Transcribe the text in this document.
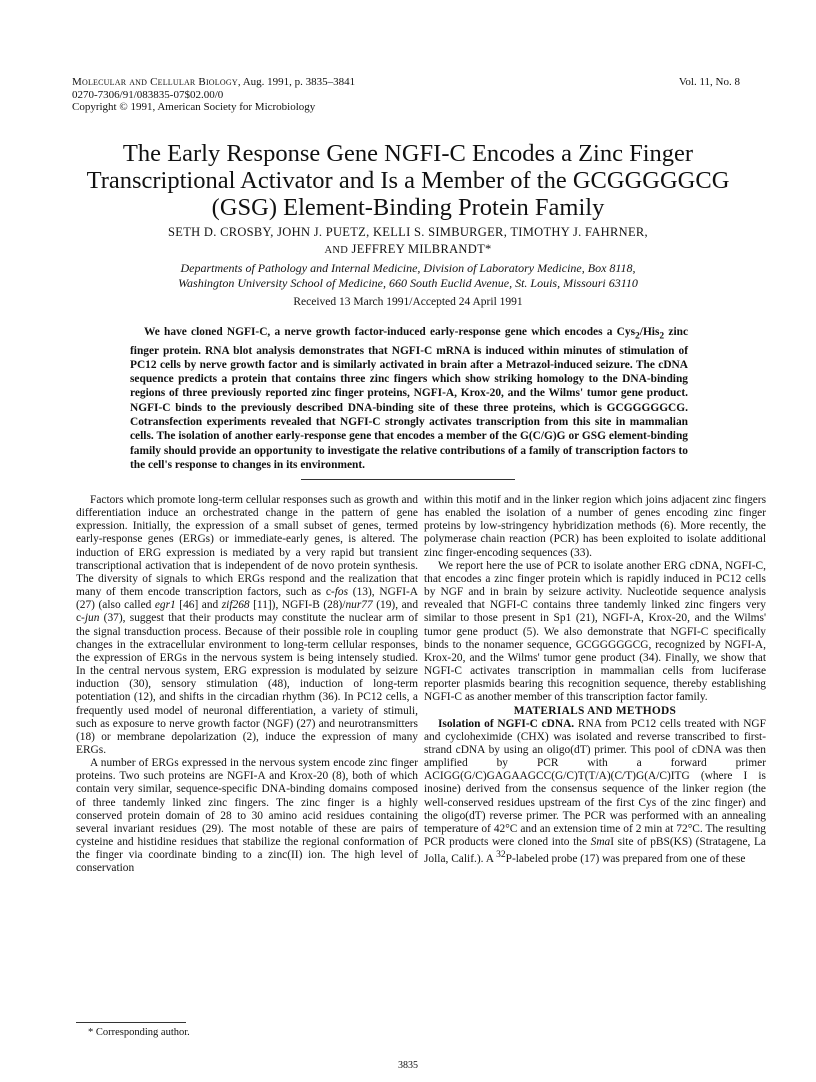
Molecular and Cellular Biology, Aug. 1991, p. 3835–3841
0270-7306/91/083835-07$02.00/0
Copyright © 1991, American Society for Microbiology
Vol. 11, No. 8
The Early Response Gene NGFI-C Encodes a Zinc Finger Transcriptional Activator and Is a Member of the GCGGGGGCG (GSG) Element-Binding Protein Family
SETH D. CROSBY, JOHN J. PUETZ, KELLI S. SIMBURGER, TIMOTHY J. FAHRNER,
AND JEFFREY MILBRANDT*
Departments of Pathology and Internal Medicine, Division of Laboratory Medicine, Box 8118,
Washington University School of Medicine, 660 South Euclid Avenue, St. Louis, Missouri 63110
Received 13 March 1991/Accepted 24 April 1991

We have cloned NGFI-C, a nerve growth factor-induced early-response gene which encodes a Cys$_2$/His$_2$ zinc finger protein. RNA blot analysis demonstrates that NGFI-C mRNA is induced within minutes of stimulation of PC12 cells by nerve growth factor and is similarly activated in brain after a Metrazol-induced seizure. The cDNA sequence predicts a protein that contains three zinc fingers which show striking homology to the DNA-binding regions of three previously reported zinc finger proteins, NGFI-A, Krox-20, and the Wilms' tumor gene product. NGFI-C binds to the previously described DNA-binding site of these three proteins, which is GCGGGGGCG. Cotransfection experiments revealed that NGFI-C strongly activates transcription from this site in mammalian cells. The isolation of another early-response gene that encodes a member of the G(C/G)G or GSG element-binding family should provide an opportunity to investigate the relative contributions of a family of transcription factors to the cell's response to changes in its environment.

Factors which promote long-term cellular responses such as growth and differentiation induce an orchestrated change in the pattern of gene expression. Initially, the expression of a small subset of genes, termed early-response genes (ERGs) or immediate-early genes, is altered. The induction of ERG expression is mediated by a very rapid but transient transcriptional activation that is independent of de novo protein synthesis. The diversity of signals to which ERGs respond and the realization that many of them encode transcription factors, such as c-fos (13), NGFI-A (27) (also called egr1 [46] and zif268 [11]), NGFI-B (28)/nur77 (19), and c-jun (37), suggest that their products may constitute the nuclear arm of the signal transduction process. Because of their possible role in coupling changes in the extracellular environment to long-term cellular responses, the expression of ERGs in the nervous system is being intensely studied. In the central nervous system, ERG expression is modulated by seizure induction (30), sensory stimulation (48), induction of long-term potentiation (12), and shifts in the circadian rhythm (36). In PC12 cells, a frequently used model of neuronal differentiation, a variety of stimuli, such as exposure to nerve growth factor (NGF) (27) and neurotransmitters (18) or membrane depolarization (2), induce the expression of many ERGs.

A number of ERGs expressed in the nervous system encode zinc finger proteins. Two such proteins are NGFI-A and Krox-20 (8), both of which contain very similar, sequence-specific DNA-binding domains composed of three tandemly linked zinc fingers. The zinc finger is a highly conserved protein domain of 28 to 30 amino acid residues containing several invariant residues (29). The most notable of these are pairs of cysteine and histidine residues that stabilize the regional conformation of the finger via coordinate binding to a zinc(II) ion. The high level of conservation

within this motif and in the linker region which joins adjacent zinc fingers has enabled the isolation of a number of genes encoding zinc finger proteins by low-stringency hybridization methods (6). More recently, the polymerase chain reaction (PCR) has been exploited to isolate additional zinc finger-encoding sequences (33).

We report here the use of PCR to isolate another ERG cDNA, NGFI-C, that encodes a zinc finger protein which is rapidly induced in PC12 cells by NGF and in brain by seizure activity. Nucleotide sequence analysis revealed that NGFI-C contains three tandemly linked zinc fingers very similar to those present in Sp1 (21), NGFI-A, Krox-20, and the Wilms' tumor gene product (5). We also demonstrate that NGFI-C specifically binds to the nonamer sequence, GCGGGGGCG, recognized by NGFI-A, Krox-20, and the Wilms' tumor gene product (34). Finally, we show that NGFI-C activates transcription in mammalian cells from luciferase reporter plasmids bearing this recognition sequence, thereby establishing NGFI-C as another member of this transcription factor family.

MATERIALS AND METHODS

Isolation of NGFI-C cDNA. RNA from PC12 cells treated with NGF and cycloheximide (CHX) was isolated and reverse transcribed to first-strand cDNA by using an oligo(dT) primer. This pool of cDNA was then amplified by PCR with a forward primer ACIGG(G/C)GAGAAGCC(G/C)T(T/A)(C/T)G(A/C)ITG (where I is inosine) derived from the consensus sequence of the linker region (the well-conserved residues upstream of the first Cys of the zinc finger) and the oligo(dT) reverse primer. The PCR was performed with an annealing temperature of 42°C and an extension time of 2 min at 72°C. The resulting PCR products were cloned into the SmaI site of pBS(KS) (Stratagene, La Jolla, Calif.). A $^{32}$P-labeled probe (17) was prepared from one of these

* Corresponding author.
3835
